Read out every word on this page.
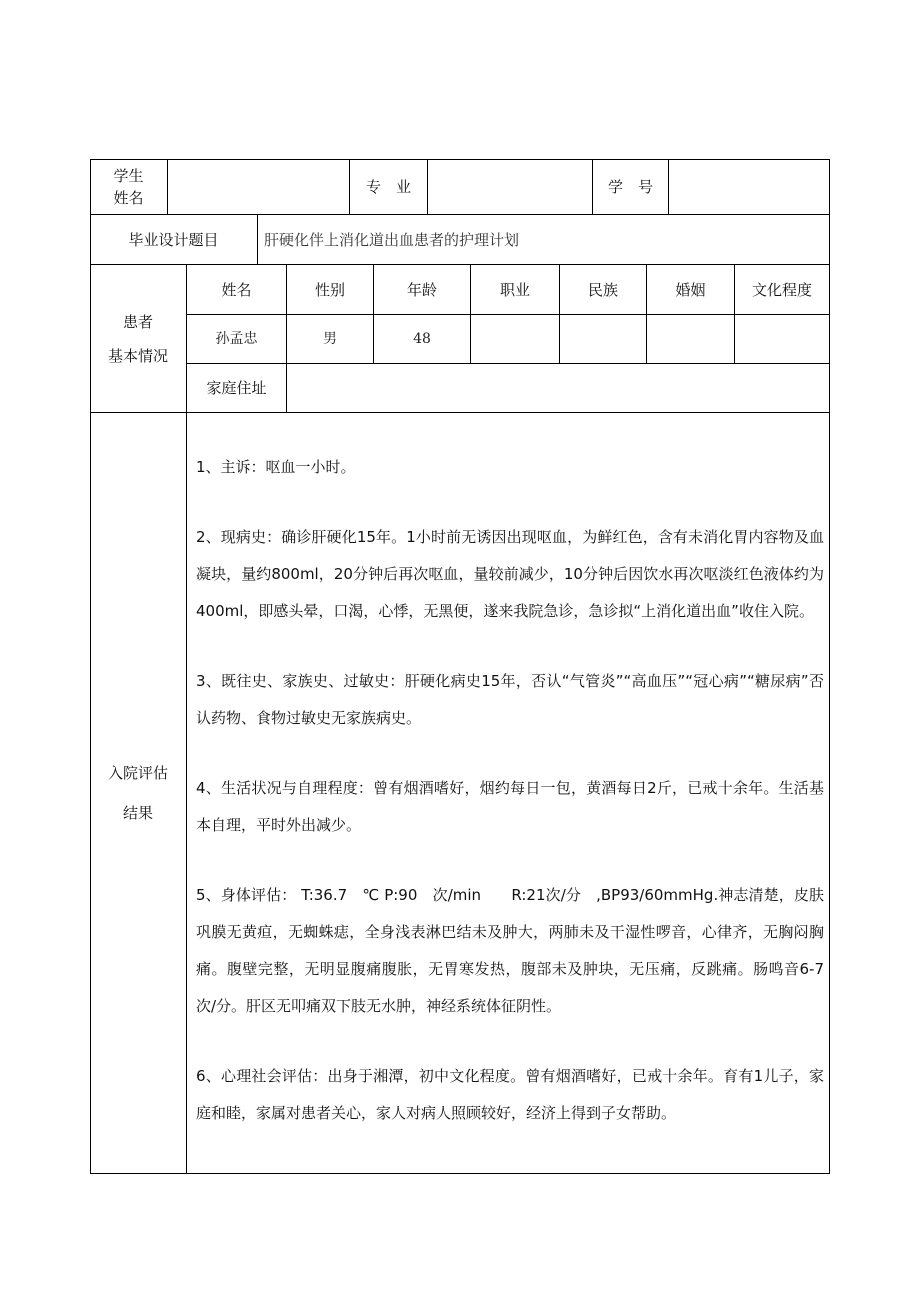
学生
姓名
专　业	学　号
毕业设计题目	肝硬化伴上消化道出血患者的护理计划
患者
基本情况
姓名	性别	年龄	职业	民族	婚姻	文化程度
孙孟忠	男	48
家庭住址
入院评估
结果

1、主诉：呕血一小时。

2、现病史：确诊肝硬化15年。1小时前无诱因出现呕血，为鲜红色，含有未消化胃内容物及血凝块，量约800ml，20分钟后再次呕血，量较前减少，10分钟后因饮水再次呕淡红色液体约为400ml，即感头晕，口渴，心悸，无黑便，遂来我院急诊，急诊拟“上消化道出血”收住入院。

3、既往史、家族史、过敏史：肝硬化病史15年，否认“气管炎”“高血压”“冠心病”“糖尿病”否认药物、食物过敏史无家族病史。

4、生活状况与自理程度：曾有烟酒嗜好，烟约每日一包，黄酒每日2斤，已戒十余年。生活基本自理，平时外出减少。

5、身体评估： T:36.7　℃ P:90　次/min　　R:21次/分　,BP93/60mmHg.神志清楚，皮肤巩膜无黄疸，无蜘蛛痣，全身浅表淋巴结未及肿大，两肺未及干湿性啰音，心律齐，无胸闷胸痛。腹壁完整，无明显腹痛腹胀，无胃寒发热，腹部未及肿块，无压痛，反跳痛。肠鸣音6-7次/分。肝区无叩痛双下肢无水肿，神经系统体征阴性。

6、心理社会评估：出身于湘潭，初中文化程度。曾有烟酒嗜好，已戒十余年。育有1儿子，家庭和睦，家属对患者关心，家人对病人照顾较好，经济上得到子女帮助。
